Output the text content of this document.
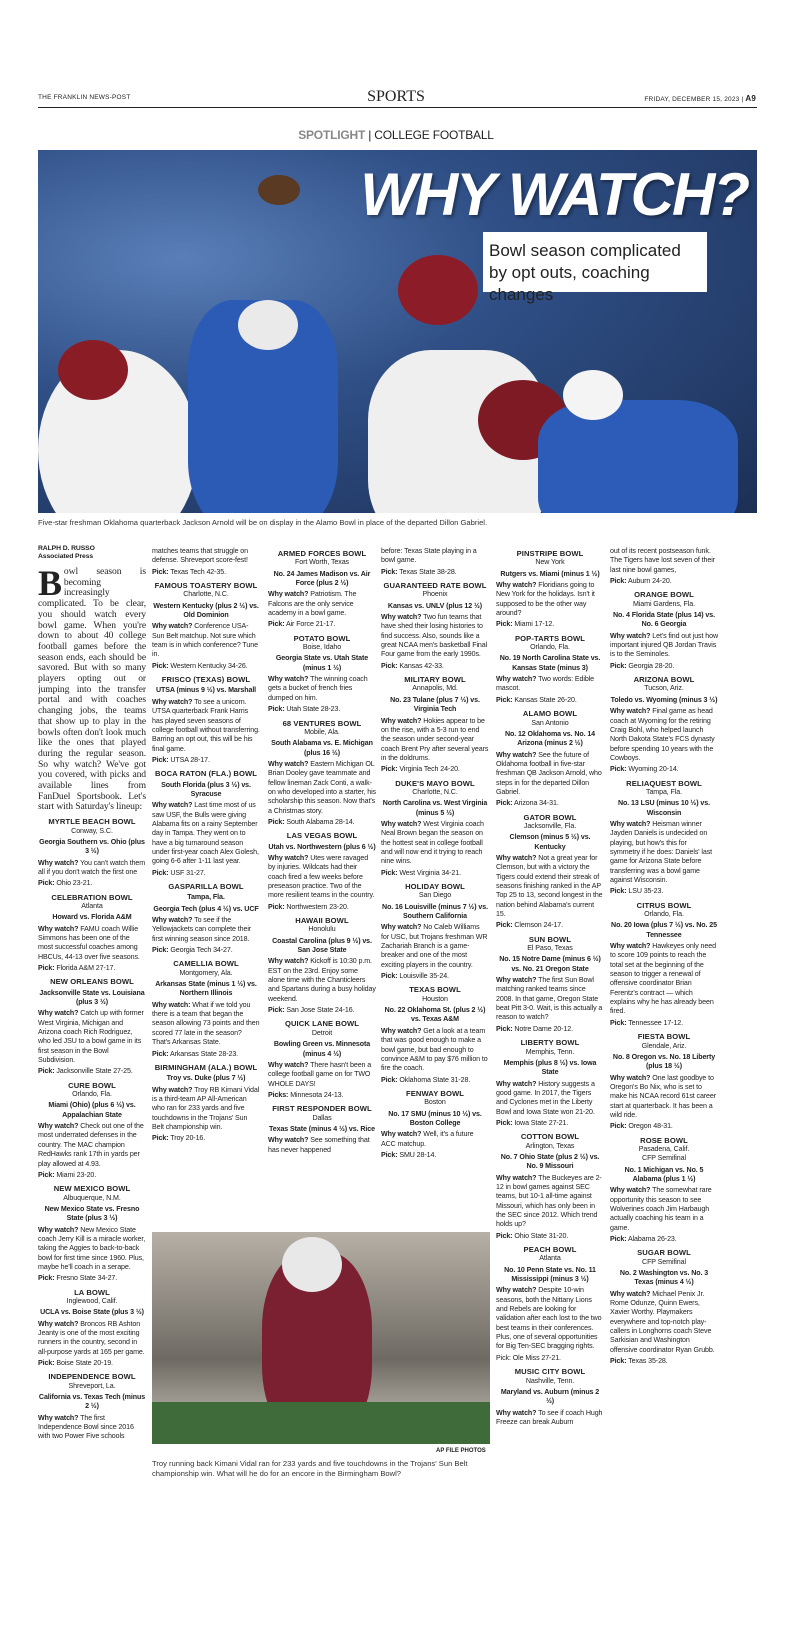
THE FRANKLIN NEWS-POST	SPORTS	FRIDAY, DECEMBER 15, 2023 | A9
SPOTLIGHT | COLLEGE FOOTBALL
WHY WATCH?
Bowl season complicated by opt outs, coaching changes
Five-star freshman Oklahoma quarterback Jackson Arnold will be on display in the Alamo Bowl in place of the departed Dillon Gabriel.
RALPH D. RUSSO
Associated Press
Bowl season is becoming increasingly complicated. To be clear, you should watch every bowl game. When you're down to about 40 college football games before the season ends, each should be savored. But with so many players opting out or jumping into the transfer portal and with coaches changing jobs, the teams that show up to play in the bowls often don't look much like the ones that played during the regular season. So why watch? We've got you covered, with picks and available lines from FanDuel Sportsbook. Let's start with Saturday's lineup:
MYRTLE BEACH BOWL
Conway, S.C.
Georgia Southern vs. Ohio (plus 3 ½)
Why watch? You can't watch them all if you don't watch the first one
Pick: Ohio 23-21.
CELEBRATION BOWL
Atlanta
Howard vs. Florida A&M
Why watch? FAMU coach Willie Simmons has been one of the most successful coaches among HBCUs, 44-13 over five seasons.
Pick: Florida A&M 27-17.
NEW ORLEANS BOWL
Jacksonville State vs. Louisiana (plus 3 ½)
Why watch? Catch up with former West Virginia, Michigan and Arizona coach Rich Rodriguez, who led JSU to a bowl game in its first season in the Bowl Subdivision.
Pick: Jacksonville State 27-25.
CURE BOWL
Orlando, Fla.
Miami (Ohio) (plus 6 ½) vs. Appalachian State
Why watch? Check out one of the most underrated defenses in the country. The MAC champion RedHawks rank 17th in yards per play allowed at 4.93.
Pick: Miami 23-20.
NEW MEXICO BOWL
Albuquerque, N.M.
New Mexico State vs. Fresno State (plus 3 ½)
Why watch? New Mexico State coach Jerry Kill is a miracle worker, taking the Aggies to back-to-back bowl for first time since 1960. Plus, maybe he'll coach in a serape.
Pick: Fresno State 34-27.
LA BOWL
Inglewood, Calif.
UCLA vs. Boise State (plus 3 ½)
Why watch? Broncos RB Ashton Jeanty is one of the most exciting runners in the country, second in all-purpose yards at 165 per game.
Pick: Boise State 20-19.
INDEPENDENCE BOWL
Shreveport, La.
California vs. Texas Tech (minus 2 ½)
Why watch? The first Independence Bowl since 2016 with two Power Five schools
matches teams that struggle on defense. Shreveport score-fest!
Pick: Texas Tech 42-35.
FAMOUS TOASTERY BOWL
Charlotte, N.C.
Western Kentucky (plus 2 ½) vs. Old Dominion
Why watch? Conference USA-Sun Belt matchup. Not sure which team is in which conference? Tune in.
Pick: Western Kentucky 34-26.
FRISCO (TEXAS) BOWL
UTSA (minus 9 ½) vs. Marshall
Why watch? To see a unicorn. UTSA quarterback Frank Harris has played seven seasons of college football without transferring. Barring an opt out, this will be his final game.
Pick: UTSA 28-17.
BOCA RATON (FLA.) BOWL
South Florida (plus 3 ½) vs. Syracuse
Why watch? Last time most of us saw USF, the Bulls were giving Alabama fits on a rainy September day in Tampa. They went on to have a big turnaround season under first-year coach Alex Golesh, going 6-6 after 1-11 last year.
Pick: USF 31-27.
GASPARILLA BOWL
Tampa, Fla.
Georgia Tech (plus 4 ½) vs. UCF
Why watch? To see if the Yellowjackets can complete their first winning season since 2018.
Pick: Georgia Tech 34-27.
CAMELLIA BOWL
Montgomery, Ala.
Arkansas State (minus 1 ½) vs. Northern Illinois
Why watch: What if we told you there is a team that began the season allowing 73 points and then scored 77 late in the season? That's Arkansas State.
Pick: Arkansas State 28-23.
BIRMINGHAM (ALA.) BOWL
Troy vs. Duke (plus 7 ½)
Why watch? Troy RB Kimani Vidal is a third-team AP All-American who ran for 233 yards and five touchdowns in the Trojans' Sun Belt championship win.
Pick: Troy 20-16.
ARMED FORCES BOWL
Fort Worth, Texas
No. 24 James Madison vs. Air Force (plus 2 ½)
Why watch? Patriotism. The Falcons are the only service academy in a bowl game.
Pick: Air Force 21-17.
POTATO BOWL
Boise, Idaho
Georgia State vs. Utah State (minus 1 ½)
Why watch? The winning coach gets a bucket of french fries dumped on him.
Pick: Utah State 28-23.
68 VENTURES BOWL
Mobile, Ala.
South Alabama vs. E. Michigan (plus 16 ½)
Why watch? Eastern Michigan OL Brian Dooley gave teammate and fellow lineman Zack Conti, a walk-on who developed into a starter, his scholarship this season. Now that's a Christmas story.
Pick: South Alabama 28-14.
LAS VEGAS BOWL
Utah vs. Northwestern (plus 6 ½)
Why watch? Utes were ravaged by injuries. Wildcats had their coach fired a few weeks before preseason practice. Two of the more resilient teams in the country.
Pick: Northwestern 23-20.
HAWAII BOWL
Honolulu
Coastal Carolina (plus 9 ½) vs. San Jose State
Why watch? Kickoff is 10:30 p.m. EST on the 23rd. Enjoy some alone time with the Chanticleers and Spartans during a busy holiday weekend.
Pick: San Jose State 24-16.
QUICK LANE BOWL
Detroit
Bowling Green vs. Minnesota (minus 4 ½)
Why watch? There hasn't been a college football game on for TWO WHOLE DAYS!
Picks: Minnesota 24-13.
FIRST RESPONDER BOWL
Dallas
Texas State (minus 4 ½) vs. Rice
Why watch? See something that has never happened
before: Texas State playing in a bowl game.
Pick: Texas State 38-28.
GUARANTEED RATE BOWL
Phoenix
Kansas vs. UNLV (plus 12 ½)
Why watch? Two fun teams that have shed their losing histories to find success. Also, sounds like a great NCAA men's basketball Final Four game from the early 1990s.
Pick: Kansas 42-33.
MILITARY BOWL
Annapolis, Md.
No. 23 Tulane (plus 7 ½) vs. Virginia Tech
Why watch? Hokies appear to be on the rise, with a 5-3 run to end the season under second-year coach Brent Pry after several years in the doldrums.
Pick: Virginia Tech 24-20.
DUKE'S MAYO BOWL
Charlotte, N.C.
North Carolina vs. West Virginia (minus 5 ½)
Why watch? West Virginia coach Neal Brown began the season on the hottest seat in college football and will now end it trying to reach nine wins.
Pick: West Virginia 34-21.
HOLIDAY BOWL
San Diego
No. 16 Louisville (minus 7 ½) vs. Southern California
Why watch? No Caleb Williams for USC, but Trojans freshman WR Zachariah Branch is a game-breaker and one of the most exciting players in the country.
Pick: Louisville 35-24.
TEXAS BOWL
Houston
No. 22 Oklahoma St. (plus 2 ½) vs. Texas A&M
Why watch? Get a look at a team that was good enough to make a bowl game, but bad enough to convince A&M to pay $76 million to fire the coach.
Pick: Oklahoma State 31-28.
FENWAY BOWL
Boston
No. 17 SMU (minus 10 ½) vs. Boston College
Why watch? Well, it's a future ACC matchup.
Pick: SMU 28-14.
PINSTRIPE BOWL
New York
Rutgers vs. Miami (minus 1 ½)
Why watch? Floridians going to New York for the holidays. Isn't it supposed to be the other way around?
Pick: Miami 17-12.
POP-TARTS BOWL
Orlando, Fla.
No. 19 North Carolina State vs. Kansas State (minus 3)
Why watch? Two words: Edible mascot.
Pick: Kansas State 26-20.
ALAMO BOWL
San Antonio
No. 12 Oklahoma vs. No. 14 Arizona (minus 2 ½)
Why watch? See the future of Oklahoma football in five-star freshman QB Jackson Arnold, who steps in for the departed Dillon Gabriel.
Pick: Arizona 34-31.
GATOR BOWL
Jacksonville, Fla.
Clemson (minus 5 ½) vs. Kentucky
Why watch? Not a great year for Clemson, but with a victory the Tigers could extend their streak of seasons finishing ranked in the AP Top 25 to 13, second longest in the nation behind Alabama's current 15.
Pick: Clemson 24-17.
SUN BOWL
El Paso, Texas
No. 15 Notre Dame (minus 6 ½) vs. No. 21 Oregon State
Why watch? The first Sun Bowl matching ranked teams since 2008. In that game, Oregon State beat Pitt 3-0. Wait, is this actually a reason to watch?
Pick: Notre Dame 20-12.
LIBERTY BOWL
Memphis, Tenn.
Memphis (plus 8 ½) vs. Iowa State
Why watch? History suggests a good game. In 2017, the Tigers and Cyclones met in the Liberty Bowl and Iowa State won 21-20.
Pick: Iowa State 27-21.
COTTON BOWL
Arlington, Texas
No. 7 Ohio State (plus 2 ½) vs. No. 9 Missouri
Why watch? The Buckeyes are 2-12 in bowl games against SEC teams, but 10-1 all-time against Missouri, which has only been in the SEC since 2012. Which trend holds up?
Pick: Ohio State 31-20.
PEACH BOWL
Atlanta
No. 10 Penn State vs. No. 11 Mississippi (minus 3 ½)
Why watch? Despite 10-win seasons, both the Nittany Lions and Rebels are looking for validation after each lost to the two best teams in their conferences. Plus, one of several opportunities for Big Ten-SEC bragging rights.
Pick: Ole Miss 27-21.
MUSIC CITY BOWL
Nashville, Tenn.
Maryland vs. Auburn (minus 2 ½)
Why watch? To see if coach Hugh Freeze can break Auburn
out of its recent postseason funk. The Tigers have lost seven of their last nine bowl games,
Pick: Auburn 24-20.
ORANGE BOWL
Miami Gardens, Fla.
No. 4 Florida State (plus 14) vs. No. 6 Georgia
Why watch? Let's find out just how important injured QB Jordan Travis is to the Seminoles.
Pick: Georgia 28-20.
ARIZONA BOWL
Tucson, Ariz.
Toledo vs. Wyoming (minus 3 ½)
Why watch? Final game as head coach at Wyoming for the retiring Craig Bohl, who helped launch North Dakota State's FCS dynasty before spending 10 years with the Cowboys.
Pick: Wyoming 20-14.
RELIAQUEST BOWL
Tampa, Fla.
No. 13 LSU (minus 10 ½) vs. Wisconsin
Why watch? Heisman winner Jayden Daniels is undecided on playing, but how's this for symmetry if he does: Daniels' last game for Arizona State before transferring was a bowl game against Wisconsin.
Pick: LSU 35-23.
CITRUS BOWL
Orlando, Fla.
No. 20 Iowa (plus 7 ½) vs. No. 25 Tennessee
Why watch? Hawkeyes only need to score 109 points to reach the total set at the beginning of the season to trigger a renewal of offensive coordinator Brian Ferentz's contract — which explains why he has already been fired.
Pick: Tennessee 17-12.
FIESTA BOWL
Glendale, Ariz.
No. 8 Oregon vs. No. 18 Liberty (plus 18 ½)
Why watch? One last goodbye to Oregon's Bo Nix, who is set to make his NCAA record 61st career start at quarterback. It has been a wild ride.
Pick: Oregon 48-31.
ROSE BOWL
Pasadena, Calif.
CFP Semifinal
No. 1 Michigan vs. No. 5 Alabama (plus 1 ½)
Why watch? The somewhat rare opportunity this season to see Wolverines coach Jim Harbaugh actually coaching his team in a game.
Pick: Alabama 26-23.
SUGAR BOWL
CFP Semifinal
No. 2 Washington vs. No. 3 Texas (minus 4 ½)
Why watch? Michael Penix Jr. Rome Odunze, Quinn Ewers, Xavier Worthy. Playmakers everywhere and top-notch play-callers in Longhorns coach Steve Sarkisian and Washington offensive coordinator Ryan Grubb.
Pick: Texas 35-28.
AP FILE PHOTOS
Troy running back Kimani Vidal ran for 233 yards and five touchdowns in the Trojans' Sun Belt championship win. What will he do for an encore in the Birmingham Bowl?
